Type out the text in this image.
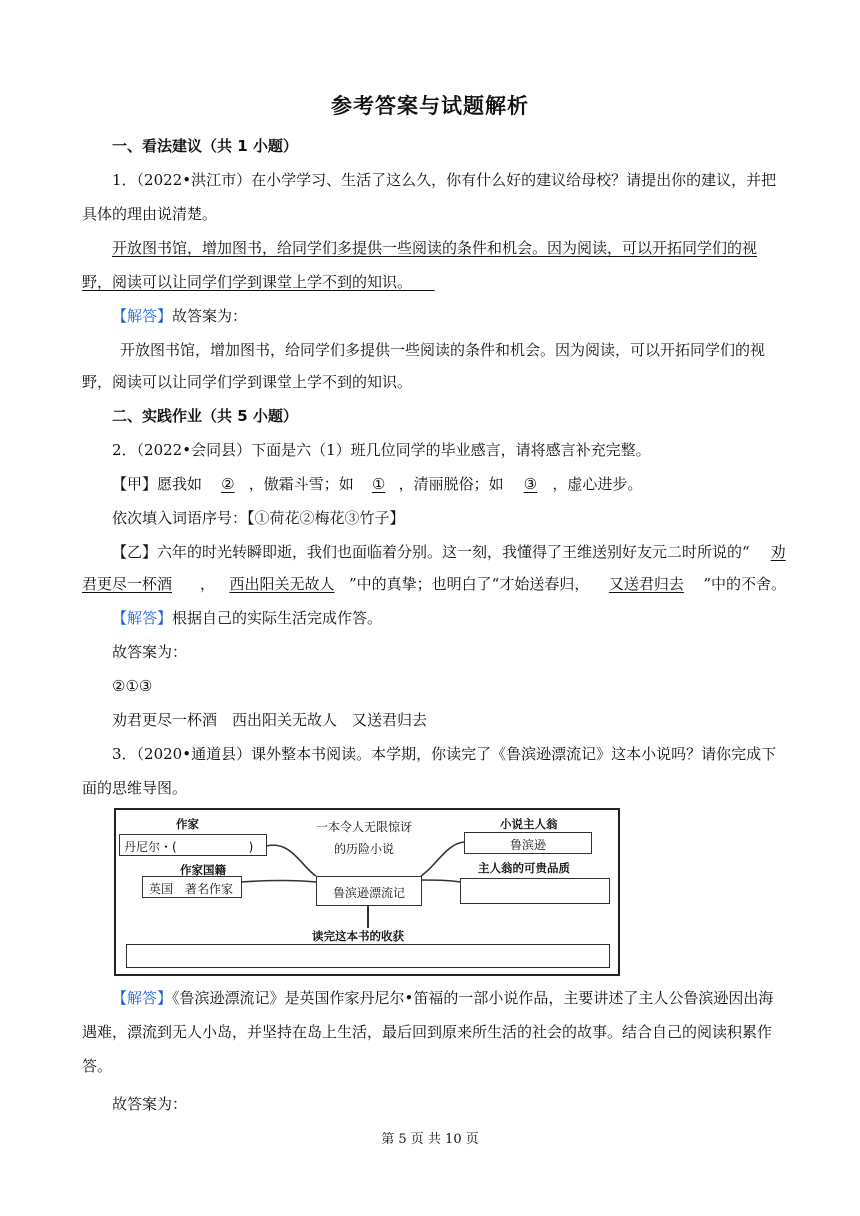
参考答案与试题解析
一、看法建议（共 1 小题）
1．（2022•洪江市）在小学学习、生活了这么久，你有什么好的建议给母校？请提出你的建议，并把
具体的理由说清楚。
开放图书馆，增加图书，给同学们多提供一些阅读的条件和机会。因为阅读，可以开拓同学们的视
野，阅读可以让同学们学到课堂上学不到的知识。　　
【解答】故答案为：
开放图书馆，增加图书，给同学们多提供一些阅读的条件和机会。因为阅读，可以开拓同学们的视
野，阅读可以让同学们学到课堂上学不到的知识。
二、实践作业（共 5 小题）
2．（2022•会同县）下面是六（1）班几位同学的毕业感言，请将感言补充完整。
【甲】愿我如 ② ，傲霜斗雪；如 ① ，清丽脱俗；如 ③ ，虚心进步。
依次填入词语序号：【①荷花②梅花③竹子】
【乙】六年的时光转瞬即逝，我们也面临着分别。这一刻，我懂得了王维送别好友元二时所说的“ 劝
君更尽一杯酒 ， 西出阳关无故人 ”中的真挚；也明白了“才始送春归， 又送君归去 ”中的不舍。
【解答】根据自己的实际生活完成作答。
故答案为：
②①③
劝君更尽一杯酒　西出阳关无故人　又送君归去
3．（2020•通道县）课外整本书阅读。本学期，你读完了《鲁滨逊漂流记》这本小说吗？请你完成下
面的思维导图。
作家
丹尼尔・(　　　　　　)
一本令人无限惊讶
的历险小说
小说主人翁
鲁滨逊
作家国籍
英国　著名作家	鲁滨逊漂流记
主人翁的可贵品质
读完这本书的收获
【解答】《鲁滨逊漂流记》是英国作家丹尼尔•笛福的一部小说作品，主要讲述了主人公鲁滨逊因出海
遇难，漂流到无人小岛，并坚持在岛上生活，最后回到原来所生活的社会的故事。结合自己的阅读积累作
答。
故答案为：
第 5 页 共 10 页
